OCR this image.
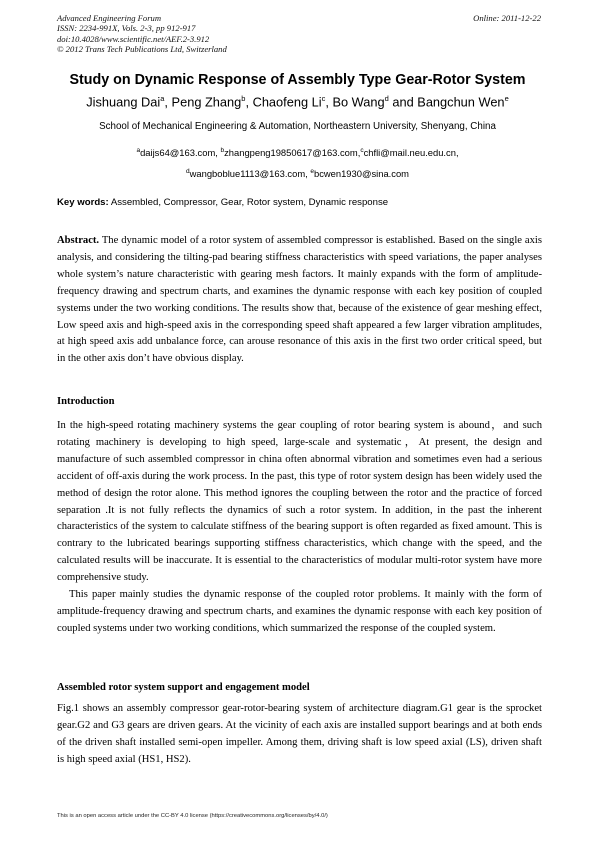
Advanced Engineering Forum
ISSN: 2234-991X, Vols. 2-3, pp 912-917
doi:10.4028/www.scientific.net/AEF.2-3.912
© 2012 Trans Tech Publications Ltd, Switzerland
Online: 2011-12-22
Study on Dynamic Response of Assembly Type Gear-Rotor System
Jishuang Dai$^a$, Peng Zhang$^b$, Chaofeng Li$^c$, Bo Wang$^d$ and Bangchun Wen$^e$
School of Mechanical Engineering & Automation, Northeastern University, Shenyang, China
$^a$daijs64@163.com, $^b$zhangpeng19850617@163.com,$^c$chfli@mail.neu.edu.cn,
$^d$wangboblue1113@163.com, $^e$bcwen1930@sina.com
Key words: Assembled, Compressor, Gear, Rotor system, Dynamic response

Abstract. The dynamic model of a rotor system of assembled compressor is established. Based on the single axis analysis, and considering the tilting-pad bearing stiffness characteristics with speed variations, the paper analyses whole system’s nature characteristic with gearing mesh factors. It mainly expands with the form of amplitude-frequency drawing and spectrum charts, and examines the dynamic response with each key position of coupled systems under the two working conditions. The results show that, because of the existence of gear meshing effect, Low speed axis and high-speed axis in the corresponding speed shaft appeared a few larger vibration amplitudes, at high speed axis add unbalance force, can arouse resonance of this axis in the first two order critical speed, but in the other axis don’t have obvious display.

Introduction

In the high-speed rotating machinery systems the gear coupling of rotor bearing system is abound，and such rotating machinery is developing to high speed, large-scale and systematic，At present, the design and manufacture of such assembled compressor in china often abnormal vibration and sometimes even had a serious accident of off-axis during the work process. In the past, this type of rotor system design has been widely used the method of design the rotor alone. This method ignores the coupling between the rotor and the practice of forced separation .It is not fully reflects the dynamics of such a rotor system. In addition, in the past the inherent characteristics of the system to calculate stiffness of the bearing support is often regarded as fixed amount. This is contrary to the lubricated bearings supporting stiffness characteristics, which change with the speed, and the calculated results will be inaccurate. It is essential to the characteristics of modular multi-rotor system have more comprehensive study.

This paper mainly studies the dynamic response of the coupled rotor problems. It mainly with the form of amplitude-frequency drawing and spectrum charts, and examines the dynamic response with each key position of coupled systems under two working conditions, which summarized the response of the coupled system.

Assembled rotor system support and engagement model

Fig.1 shows an assembly compressor gear-rotor-bearing system of architecture diagram.G1 gear is the sprocket gear.G2 and G3 gears are driven gears. At the vicinity of each axis are installed support bearings and at both ends of the driven shaft installed semi-open impeller. Among them, driving shaft is low speed axial (LS), driven shaft is high speed axial (HS1, HS2).

This is an open access article under the CC-BY 4.0 license (https://creativecommons.org/licenses/by/4.0/)
